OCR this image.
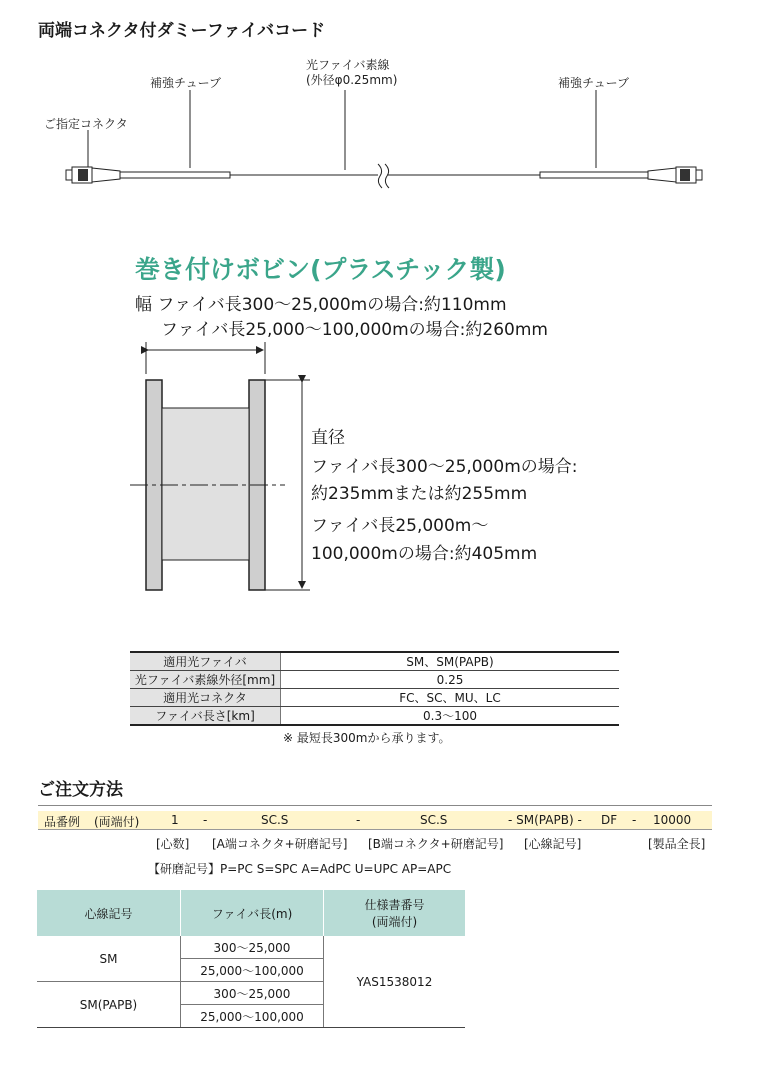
両端コネクタ付ダミーファイバコード
光ファイバ素線
(外径φ0.25mm)
補強チューブ	補強チューブ
ご指定コネクタ
巻き付けボビン(プラスチック製)
幅 ファイバ長300〜25,000mの場合:約110mm
ファイバ長25,000〜100,000mの場合:約260mm
直径
ファイバ長300〜25,000mの場合:
約235mmまたは約255mm
ファイバ長25,000m〜
100,000mの場合:約405mm
適用光ファイバ	SM、SM(PAPB)
光ファイバ素線外径[mm]	0.25
適用光コネクタ	FC、SC、MU、LC
ファイバ長さ[km]	0.3〜100
※ 最短長300mから承ります。
ご注文方法
品番例 (両端付)	1 -	SC.S	-	SC.S	- SM(PAPB) - DF - 10000
[心数] [A端コネクタ+研磨記号] [B端コネクタ+研磨記号] [心線記号]	[製品全長]
【研磨記号】P=PC S=SPC A=AdPC U=UPC AP=APC
心線記号	ファイバ長(m)	仕様書番号
(両端付)
SM	300〜25,000	YAS1538012
	25,000〜100,000	
SM(PAPB)	300〜25,000	
	25,000〜100,000	
